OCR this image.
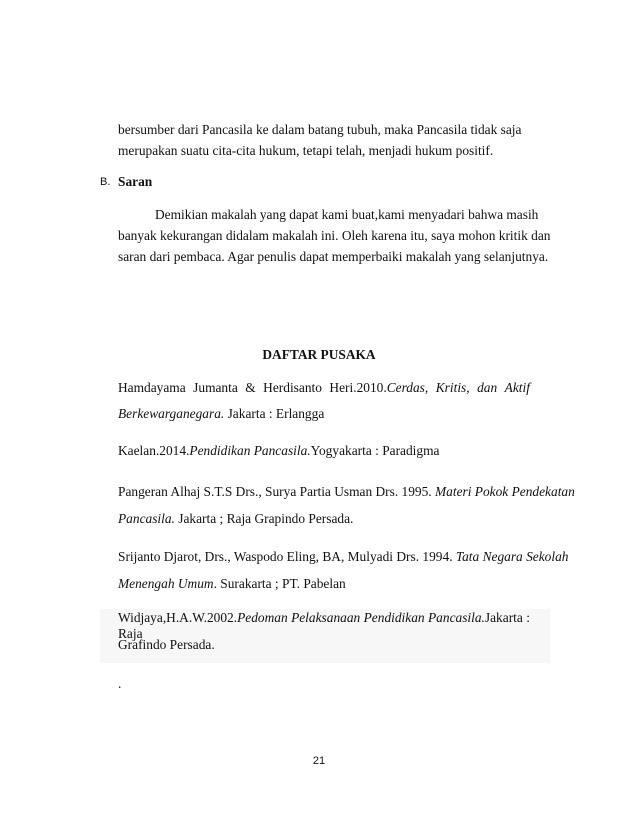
bersumber dari Pancasila ke dalam batang tubuh, maka Pancasila tidak saja
merupakan suatu cita-cita hukum, tetapi telah, menjadi hukum positif.
B. Saran
Demikian makalah yang dapat kami buat,kami menyadari bahwa masih
banyak kekurangan didalam makalah ini. Oleh karena itu, saya mohon kritik dan
saran dari pembaca. Agar penulis dapat memperbaiki makalah yang selanjutnya.
DAFTAR PUSAKA
Hamdayama Jumanta & Herdisanto Heri.2010.Cerdas, Kritis, dan Aktif
Berkewarganegara. Jakarta : Erlangga
Kaelan.2014.Pendidikan Pancasila.Yogyakarta : Paradigma
Pangeran Alhaj S.T.S Drs., Surya Partia Usman Drs. 1995. Materi Pokok Pendekatan
Pancasila. Jakarta ; Raja Grapindo Persada.
Srijanto Djarot, Drs., Waspodo Eling, BA, Mulyadi Drs. 1994. Tata Negara Sekolah
Menengah Umum. Surakarta ; PT. Pabelan
Widjaya,H.A.W.2002.Pedoman Pelaksanaan Pendidikan Pancasila.Jakarta : Raja
Grafindo Persada.
.
21
